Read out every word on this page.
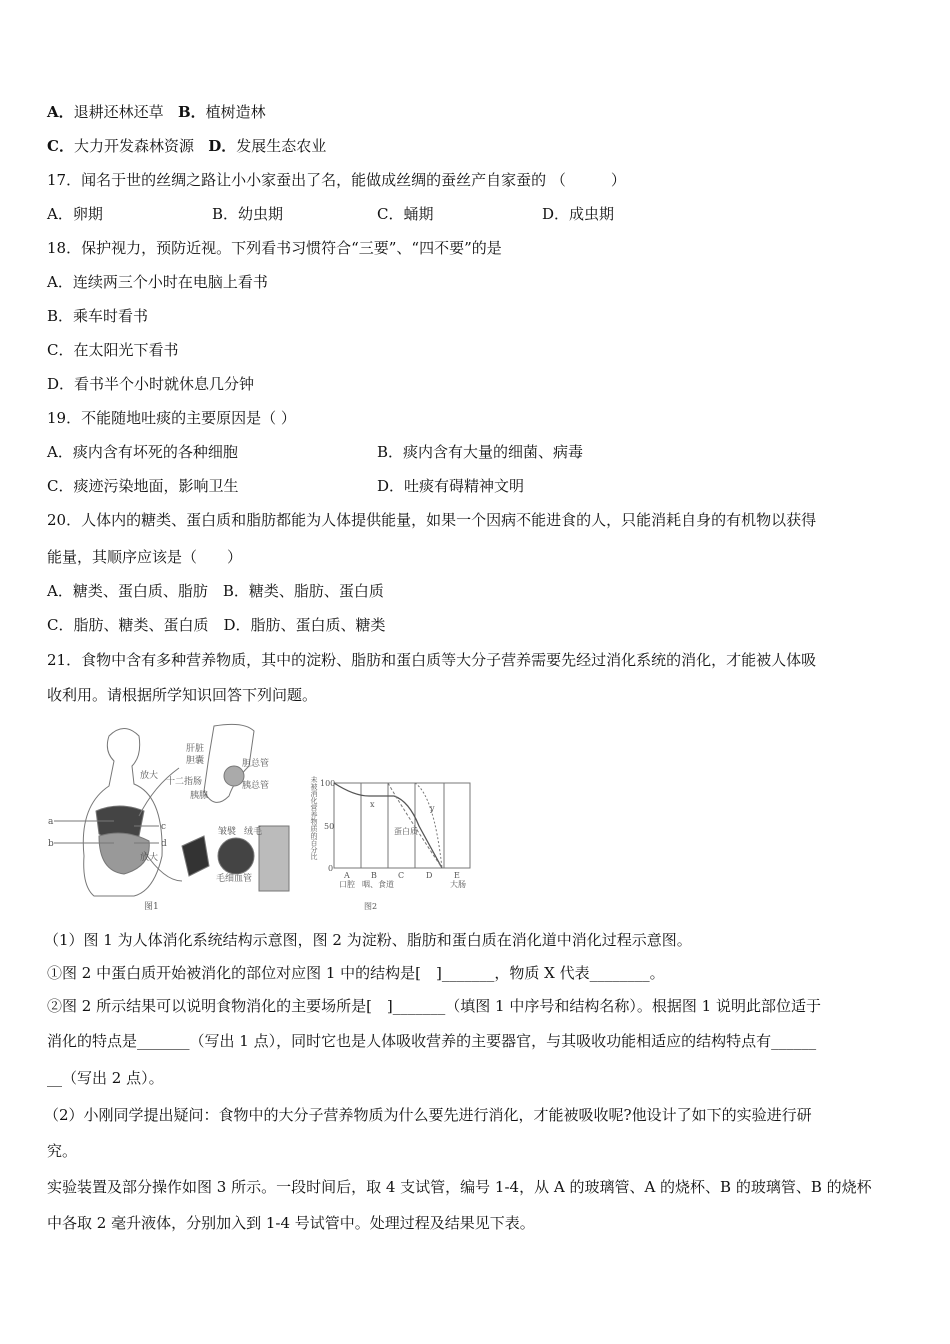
A．退耕还林还草 B．植树造林
C．大力开发森林资源 D．发展生态农业
17．闻名于世的丝绸之路让小小家蚕出了名，能做成丝绸的蚕丝产自家蚕的 （　　　）
A．卵期	B．幼虫期	C．蛹期	D．成虫期
18．保护视力，预防近视。下列看书习惯符合“三要”、“四不要”的是
A．连续两三个小时在电脑上看书
B．乘车时看书
C．在太阳光下看书
D．看书半个小时就休息几分钟
19．不能随地吐痰的主要原因是（ ）
A．痰内含有坏死的各种细胞	B．痰内含有大量的细菌、病毒
C．痰迹污染地面，影响卫生	D．吐痰有碍精神文明
20．人体内的糖类、蛋白质和脂肪都能为人体提供能量，如果一个因病不能进食的人，只能消耗自身的有机物以获得
能量，其顺序应该是（　　）
A．糖类、蛋白质、脂肪　B．糖类、脂肪、蛋白质
C．脂肪、糖类、蛋白质　D．脂肪、蛋白质、糖类
21．食物中含有多种营养物质，其中的淀粉、脂肪和蛋白质等大分子营养需要先经过消化系统的消化，才能被人体吸
收利用。请根据所学知识回答下列问题。
a
b
c
d
放大
放大
肝脏
胆囊	胆总管
十二指肠	胰总管
胰腺
皱襞 绒毛
毛细血管
图1
未被消化营养物质的百分比 100
50
0
A	B	C	D	E
口腔 咽、食道	大肠
x	y
蛋白质
图2
（1）图 1 为人体消化系统结构示意图，图 2 为淀粉、脂肪和蛋白质在消化道中消化过程示意图。
①图 2 中蛋白质开始被消化的部位对应图 1 中的结构是[　]_______，物质 X 代表________。
②图 2 所示结果可以说明食物消化的主要场所是[　]_______（填图 1 中序号和结构名称）。根据图 1 说明此部位适于
消化的特点是_______（写出 1 点），同时它也是人体吸收营养的主要器官，与其吸收功能相适应的结构特点有______
__（写出 2 点）。
（2）小刚同学提出疑问：食物中的大分子营养物质为什么要先进行消化，才能被吸收呢?他设计了如下的实验进行研
究。
实验装置及部分操作如图 3 所示。一段时间后，取 4 支试管，编号 1-4，从 A 的玻璃管、A 的烧杯、B 的玻璃管、B 的烧杯
中各取 2 毫升液体，分别加入到 1-4 号试管中。处理过程及结果见下表。
